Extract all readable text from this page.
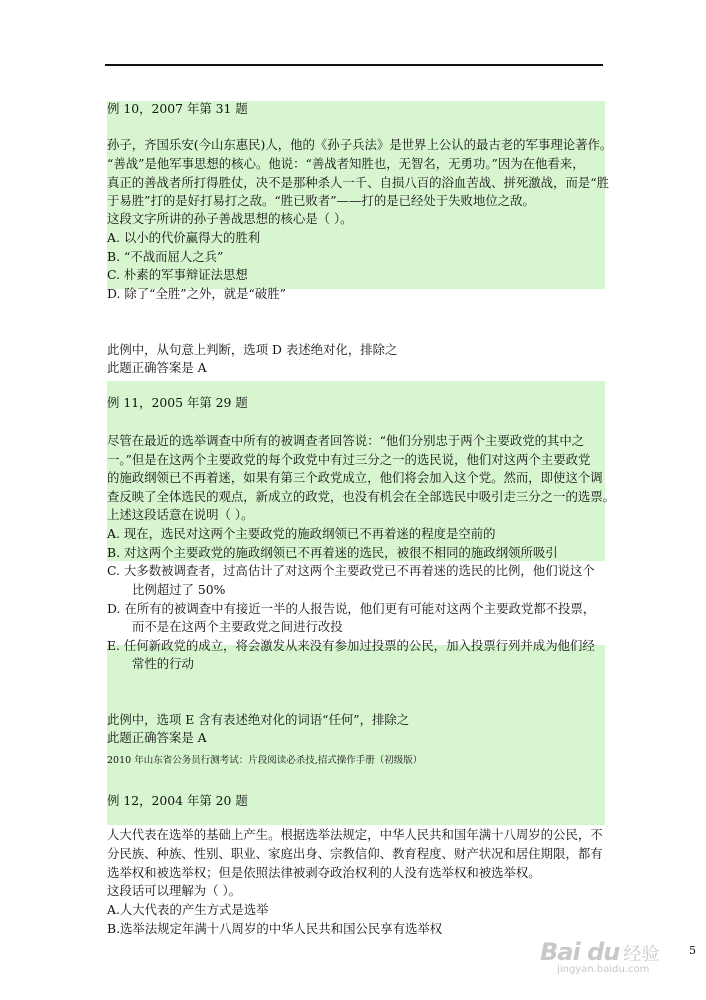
例 10，2007 年第 31 题
孙子，齐国乐安(今山东惠民)人，他的《孙子兵法》是世界上公认的最古老的军事理论著作。
“善战”是他军事思想的核心。他说：“善战者知胜也，无智名，无勇功。”因为在他看来，
真正的善战者所打得胜仗，决不是那种杀人一千、自损八百的浴血苦战、拼死激战，而是“胜
于易胜”打的是好打易打之敌。“胜已败者”——打的是已经处于失败地位之敌。
这段文字所讲的孙子善战思想的核心是（ ）。
A. 以小的代价赢得大的胜利
B. “不战而屈人之兵”
C. 朴素的军事辩证法思想
D. 除了“全胜”之外，就是“破胜”
此例中，从句意上判断，选项 D 表述绝对化，排除之
此题正确答案是 A
例 11，2005 年第 29 题
尽管在最近的选举调查中所有的被调查者回答说：“他们分别忠于两个主要政党的其中之
一。”但是在这两个主要政党的每个政党中有过三分之一的选民说，他们对这两个主要政党
的施政纲领已不再着迷，如果有第三个政党成立，他们将会加入这个党。然而，即使这个调
查反映了全体选民的观点，新成立的政党，也没有机会在全部选民中吸引走三分之一的选票。
上述这段话意在说明（ ）。
A. 现在，选民对这两个主要政党的施政纲领已不再着迷的程度是空前的
B. 对这两个主要政党的施政纲领已不再着迷的选民，被很不相同的施政纲领所吸引
C. 大多数被调查者，过高估计了对这两个主要政党已不再着迷的选民的比例，他们说这个
比例超过了 50%
D. 在所有的被调查中有接近一半的人报告说，他们更有可能对这两个主要政党都不投票，
而不是在这两个主要政党之间进行改投
E. 任何新政党的成立，将会激发从来没有参加过投票的公民，加入投票行列并成为他们经
常性的行动
此例中，选项 E 含有表述绝对化的词语“任何”，排除之
此题正确答案是 A
2010 年山东省公务员行测考试：片段阅读必杀技,招式操作手册（初级版）
例 12，2004 年第 20 题
人大代表在选举的基础上产生。根据选举法规定，中华人民共和国年满十八周岁的公民，不
分民族、种族、性别、职业、家庭出身、宗教信仰、教育程度、财产状况和居住期限，都有
选举权和被选举权；但是依照法律被剥夺政治权利的人没有选举权和被选举权。
这段话可以理解为（ ）。
A.人大代表的产生方式是选举
B.选举法规定年满十八周岁的中华人民共和国公民享有选举权
5
Bai du 经验
jingyan.baidu.com
